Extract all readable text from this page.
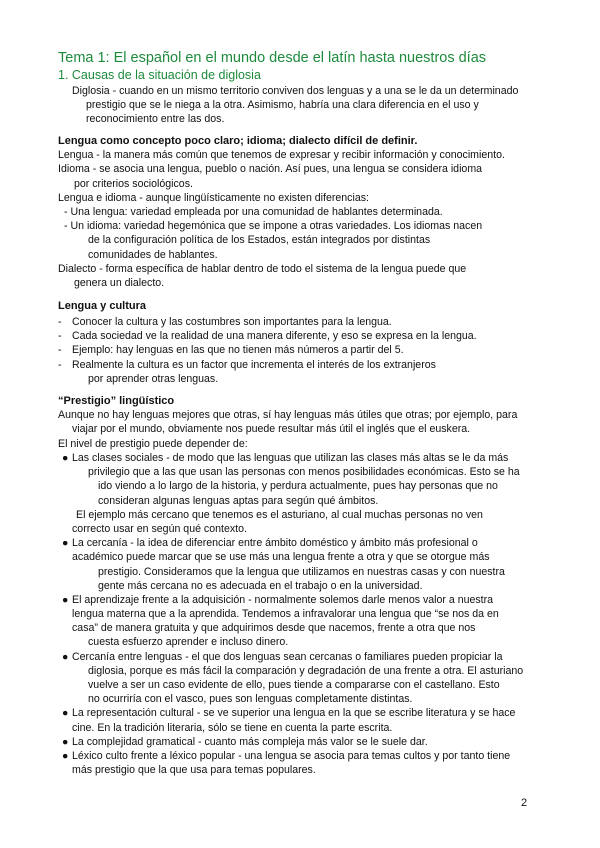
Tema 1: El español en el mundo desde el latín hasta nuestros días
1. Causas de la situación de diglosia
Diglosia - cuando en un mismo territorio conviven dos lenguas y a una se le da un determinado
prestigio que se le niega a la otra. Asimismo, habría una clara diferencia en el uso y
reconocimiento entre las dos.
Lengua como concepto poco claro; idioma; dialecto difícil de definir.
Lengua - la manera más común que tenemos de expresar y recibir información y conocimiento.
Idioma - se asocia una lengua, pueblo o nación. Así pues, una lengua se considera idioma
por criterios sociológicos.
Lengua e idioma - aunque lingüísticamente no existen diferencias:
- Una lengua: variedad empleada por una comunidad de hablantes determinada.
- Un idioma: variedad hegemónica que se impone a otras variedades. Los idiomas nacen
de la configuración política de los Estados, están integrados por distintas
comunidades de hablantes.
Dialecto - forma específica de hablar dentro de todo el sistema de la lengua puede que
genera un dialecto.
Lengua y cultura
- Conocer la cultura y las costumbres son importantes para la lengua.
- Cada sociedad ve la realidad de una manera diferente, y eso se expresa en la lengua.
- Ejemplo: hay lenguas en las que no tienen más números a partir del 5.
- Realmente la cultura es un factor que incrementa el interés de los extranjeros
por aprender otras lenguas.
“Prestigio” lingüístico
Aunque no hay lenguas mejores que otras, sí hay lenguas más útiles que otras; por ejemplo, para
viajar por el mundo, obviamente nos puede resultar más útil el inglés que el euskera.
El nivel de prestigio puede depender de:
● Las clases sociales - de modo que las lenguas que utilizan las clases más altas se le da más
privilegio que a las que usan las personas con menos posibilidades económicas. Esto se ha
ido viendo a lo largo de la historia, y perdura actualmente, pues hay personas que no
consideran algunas lenguas aptas para según qué ámbitos.
El ejemplo más cercano que tenemos es el asturiano, al cual muchas personas no ven
correcto usar en según qué contexto.
● La cercanía - la idea de diferenciar entre ámbito doméstico y ámbito más profesional o
académico puede marcar que se use más una lengua frente a otra y que se otorgue más
prestigio. Consideramos que la lengua que utilizamos en nuestras casas y con nuestra
gente más cercana no es adecuada en el trabajo o en la universidad.
● El aprendizaje frente a la adquisición - normalmente solemos darle menos valor a nuestra
lengua materna que a la aprendida. Tendemos a infravalorar una lengua que “se nos da en
casa” de manera gratuita y que adquirimos desde que nacemos, frente a otra que nos
cuesta esfuerzo aprender e incluso dinero.
● Cercanía entre lenguas - el que dos lenguas sean cercanas o familiares pueden propiciar la
diglosia, porque es más fácil la comparación y degradación de una frente a otra. El asturiano
vuelve a ser un caso evidente de ello, pues tiende a compararse con el castellano. Esto
no ocurriría con el vasco, pues son lenguas completamente distintas.
● La representación cultural - se ve superior una lengua en la que se escribe literatura y se hace
cine. En la tradición literaria, sólo se tiene en cuenta la parte escrita.
● La complejidad gramatical - cuanto más compleja más valor se le suele dar.
● Léxico culto frente a léxico popular - una lengua se asocia para temas cultos y por tanto tiene
más prestigio que la que usa para temas populares.
2
